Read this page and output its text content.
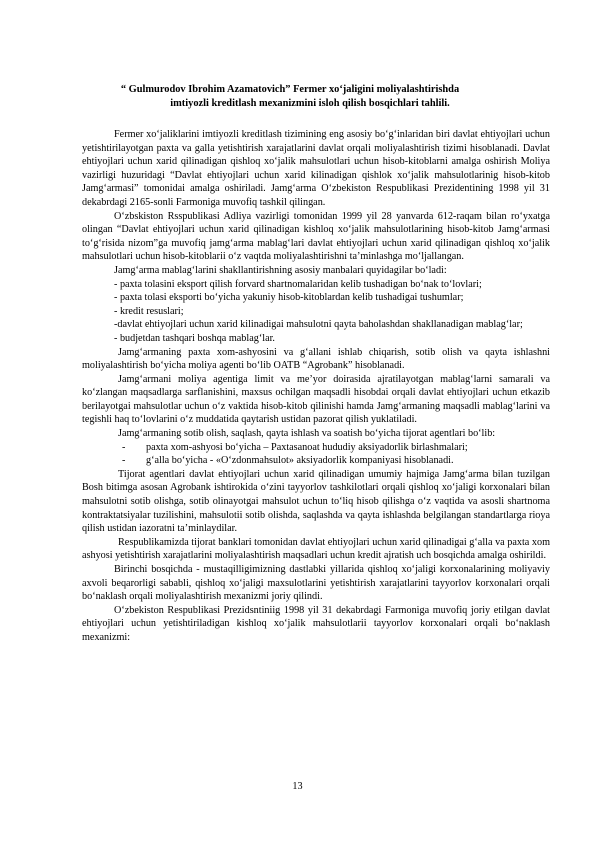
“ Gulmurodov Ibrohim Azamatovich” Fermer xo‘jaligini moliyalashtirishda
imtiyozli kreditlash mexanizmini isloh qilish bosqichlari tahlili.

Fermer xo‘jaliklarini imtiyozli kreditlash tizimining eng asosiy bo‘g‘inlaridan biri davlat ehtiyojlari uchun yetishtirilayotgan paxta va galla yetishtirish xarajatlarini davlat orqali moliyalashtirish tizimi hisoblanadi. Davlat ehtiyojlari uchun xarid qilinadigan qishloq xo‘jalik mahsulotlari uchun hisob-kitoblarni amalga oshirish Moliya vazirligi huzuridagi “Davlat ehtiyojlari uchun xarid kilinadigan qishlok xo‘jalik mahsulotlarinig hisob-kitob Jamg‘armasi” tomonidai amalga oshiriladi. Jamg‘arma O‘zbekiston Respublikasi Prezidentining 1998 yil 31 dekabrdagi 2165-sonli Farmoniga muvofiq tashkil qilingan.

O‘zbskiston Rsspublikasi Adliya vazirligi tomonidan 1999 yil 28 yanvarda 612-raqam bilan ro‘yxatga olingan “Davlat ehtiyojlari uchun xarid qilinadigan kishloq xo‘jalik mahsulotlarining hisob-kitob Jamg‘armasi to‘g‘risida nizom”ga muvofiq jamg‘arma mablag‘lari davlat ehtiyojlari uchun xarid qilinadigan qishloq xo‘jalik mahsulotlari uchun hisob-kitoblarii o‘z vaqtda moliyalashtirishni ta’minlashga mo‘ljallangan.

Jamg‘arma mablag‘larini shakllantirishning asosiy manbalari quyidagilar bo‘ladi:

- paxta tolasini eksport qilish forvard shartnomalaridan kelib tushadigan bo‘nak to‘lovlari;

- paxta tolasi eksporti bo‘yicha yakuniy hisob-kitoblardan kelib tushadigai tushumlar;

- kredit resuslari;

-davlat ehtiyojlari uchun xarid kilinadigai mahsulotni qayta baholashdan shakllanadigan mablag‘lar;

- budjetdan tashqari boshqa mablag‘lar.

Jamg‘armaning paxta xom-ashyosini va g‘allani ishlab chiqarish, sotib olish va qayta ishlashni moliyalashtirish bo‘yicha moliya agenti bo‘lib OATB “Agrobank” hisoblanadi.

Jamg‘armani moliya agentiga limit va me’yor doirasida ajratilayotgan mablag‘larni samarali va ko‘zlangan maqsadlarga sarflanishini, maxsus ochilgan maqsadli hisobdai orqali davlat ehtiyojlari uchun etkazib berilayotgai mahsulotlar uchun o‘z vaktida hisob-kitob qilinishi hamda Jamg‘armaning maqsadli mablag‘larini va tegishli haq to‘lovlarini o‘z muddatida qaytarish ustidan pazorat qilish yuklatiladi.

Jamg‘armaning sotib olish, saqlash, qayta ishlash va soatish bo‘yicha tijorat agentlari bo‘lib:

- paxta xom-ashyosi bo‘yicha – Paxtasanoat hududiy aksiyadorlik birlashmalari;

- g‘alla bo‘yicha - «O‘zdonmahsulot» aksiyadorlik kompaniyasi hisoblanadi.

Tijorat agentlari davlat ehtiyojlari uchun xarid qilinadigan umumiy hajmiga Jamg‘arma bilan tuzilgan Bosh bitimga asosan Agrobank ishtirokida o‘zini tayyorlov tashkilotlari orqali qishloq xo‘jaligi korxonalari bilan mahsulotni sotib olishga, sotib olinayotgai mahsulot uchun to‘liq hisob qilishga o‘z vaqtida va asosli shartnoma kontraktatsiyalar tuzilishini, mahsulotii sotib olishda, saqlashda va qayta ishlashda belgilangan standartlarga rioya qilish ustidan iazoratni ta’minlaydilar.

Respublikamizda tijorat banklari tomonidan davlat ehtiyojlari uchun xarid qilinadigai g‘alla va paxta xom ashyosi yetishtirish xarajatlarini moliyalashtirish maqsadlari uchun kredit ajratish uch bosqichda amalga oshirildi.

Birinchi bosqichda - mustaqilligimizning dastlabki yillarida qishloq xo‘jaligi korxonalarining moliyaviy axvoli beqarorligi sababli, qishloq xo‘jaligi maxsulotlarini yetishtirish xarajatlarini tayyorlov korxonalari orqali bo‘naklash orqali moliyalashtirish mexanizmi joriy qilindi.

O‘zbekiston Respublikasi Prezidsntiniig 1998 yil 31 dekabrdagi Farmoniga muvofiq joriy etilgan davlat ehtiyojlari uchun yetishtiriladigan kishloq xo‘jalik mahsulotlarii tayyorlov korxonalari orqali bo‘naklash mexanizmi:

13
